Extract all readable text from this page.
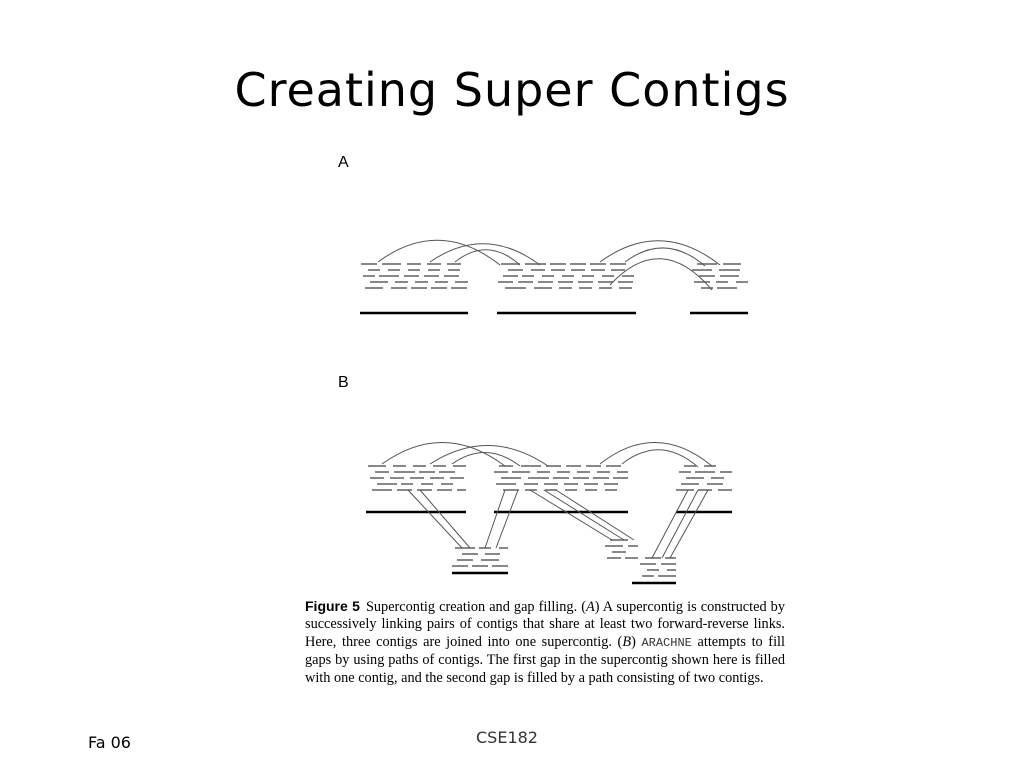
Creating Super Contigs
A
B
Figure 5 Supercontig creation and gap filling. (A) A supercontig is constructed by successively linking pairs of contigs that share at least two forward-reverse links. Here, three contigs are joined into one supercontig. (B) ARACHNE attempts to fill gaps by using paths of contigs. The first gap in the supercontig shown here is filled with one contig, and the second gap is filled by a path consisting of two contigs.
Fa 06	CSE182
